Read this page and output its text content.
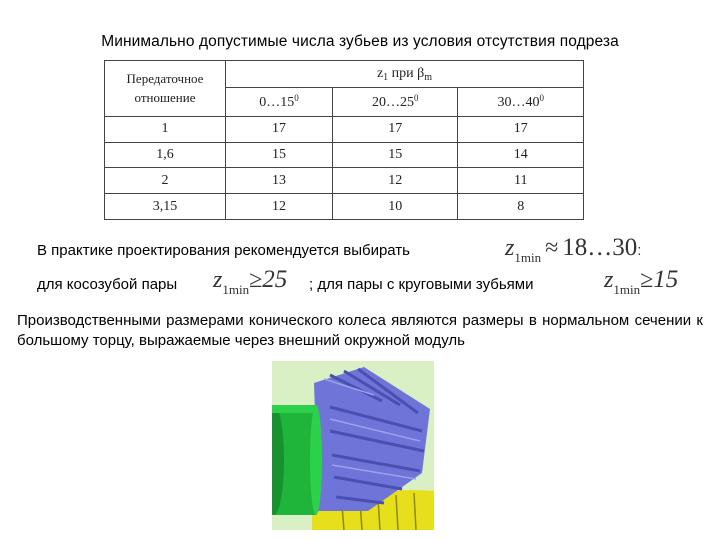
Минимально допустимые числа зубьев из условия отсутствия подреза
Передаточное
отношение	$z_1$ при $\beta_m$
	$0\dots 15^0$	$20\dots 25^0$	$30\dots 40^0$
1	17	17	17
1,6	15	15	14
2	13	12	11
3,15	12	10	8
В практике проектирования рекомендуется выбирать	$z_{1min}$ ≈ 18…30:
для косозубой пары $z_{1min}\ge 25$ ; для пары с круговыми зубьями	$z_{1min}\ge 15$
Производственными размерами конического колеса являются размеры в нормальном сечении к большому торцу, выражаемые через внешний окружной модуль
